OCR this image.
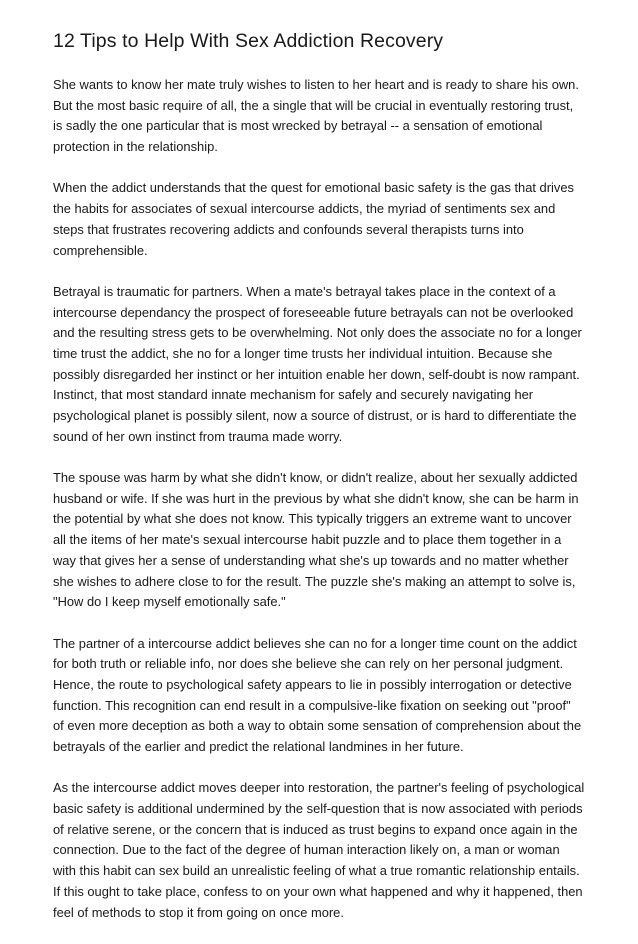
12 Tips to Help With Sex Addiction Recovery

She wants to know her mate truly wishes to listen to her heart and is ready to share his own.
But the most basic require of all, the a single that will be crucial in eventually restoring trust,
is sadly the one particular that is most wrecked by betrayal -- a sensation of emotional
protection in the relationship.

When the addict understands that the quest for emotional basic safety is the gas that drives
the habits for associates of sexual intercourse addicts, the myriad of sentiments sex and
steps that frustrates recovering addicts and confounds several therapists turns into
comprehensible.

Betrayal is traumatic for partners. When a mate's betrayal takes place in the context of a
intercourse dependancy the prospect of foreseeable future betrayals can not be overlooked
and the resulting stress gets to be overwhelming. Not only does the associate no for a longer
time trust the addict, she no for a longer time trusts her individual intuition. Because she
possibly disregarded her instinct or her intuition enable her down, self-doubt is now rampant.
Instinct, that most standard innate mechanism for safely and securely navigating her
psychological planet is possibly silent, now a source of distrust, or is hard to differentiate the
sound of her own instinct from trauma made worry.

The spouse was harm by what she didn't know, or didn't realize, about her sexually addicted
husband or wife. If she was hurt in the previous by what she didn't know, she can be harm in
the potential by what she does not know. This typically triggers an extreme want to uncover
all the items of her mate's sexual intercourse habit puzzle and to place them together in a
way that gives her a sense of understanding what she's up towards and no matter whether
she wishes to adhere close to for the result. The puzzle she's making an attempt to solve is,
"How do I keep myself emotionally safe."

The partner of a intercourse addict believes she can no for a longer time count on the addict
for both truth or reliable info, nor does she believe she can rely on her personal judgment.
Hence, the route to psychological safety appears to lie in possibly interrogation or detective
function. This recognition can end result in a compulsive-like fixation on seeking out "proof"
of even more deception as both a way to obtain some sensation of comprehension about the
betrayals of the earlier and predict the relational landmines in her future.

As the intercourse addict moves deeper into restoration, the partner's feeling of psychological
basic safety is additional undermined by the self-question that is now associated with periods
of relative serene, or the concern that is induced as trust begins to expand once again in the
connection. Due to the fact of the degree of human interaction likely on, a man or woman
with this habit can sex build an unrealistic feeling of what a true romantic relationship entails.
If this ought to take place, confess to on your own what happened and why it happened, then
feel of methods to stop it from going on once more.
